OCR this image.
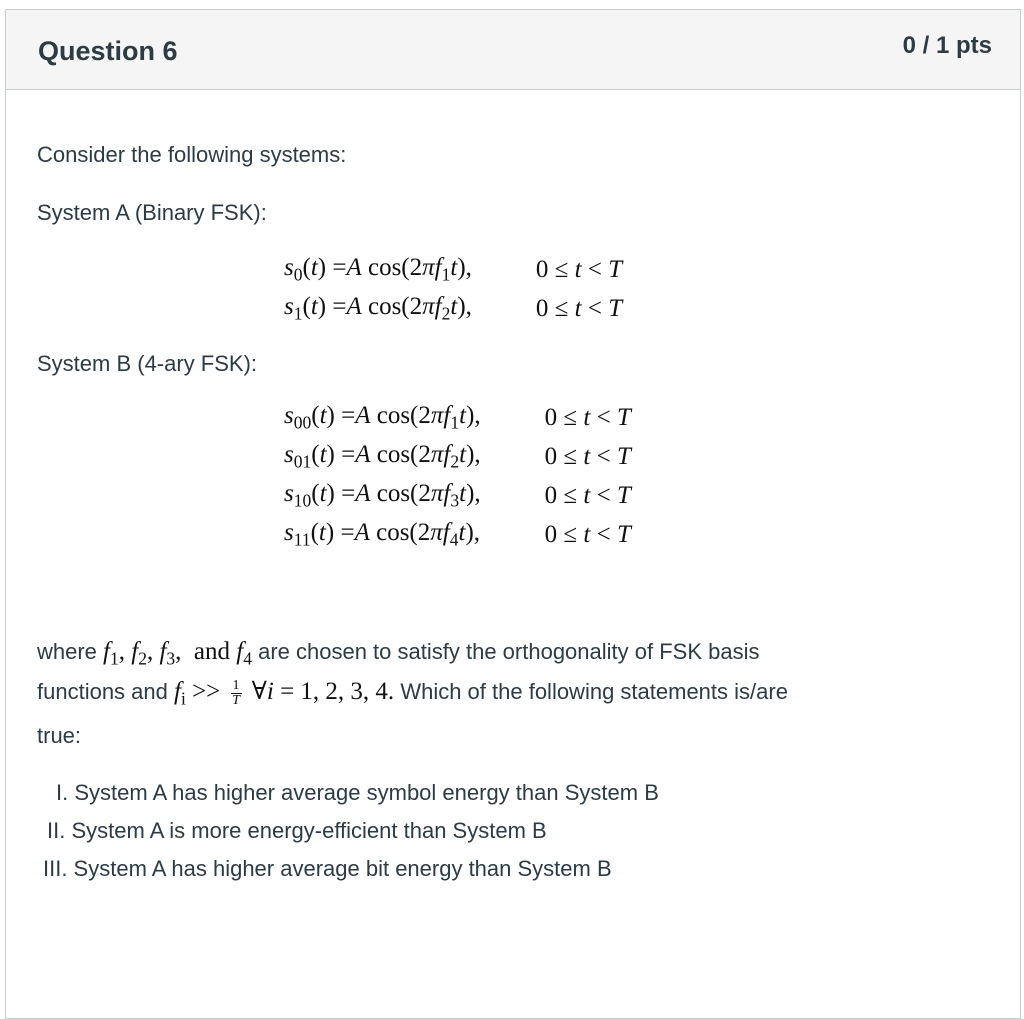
Question 6	0 / 1 pts
Consider the following systems:
System A (Binary FSK):
$s_0(t) =A$ $\cos(2\pi f_1t)$,	0 ≤ t < T
$s_1(t) =A$ $\cos(2\pi f_2t)$,	0 ≤ t < T
System B (4-ary FSK):
$s_{00}(t) =A$ $\cos(2\pi f_1t)$,	0 ≤ t < T
$s_{01}(t) =A$ $\cos(2\pi f_2t)$,	0 ≤ t < T
$s_{10}(t) =A$ $\cos(2\pi f_3t)$,	0 ≤ t < T
$s_{11}(t) =A$ $\cos(2\pi f_4t)$,	0 ≤ t < T
where $f_1$, $f_2$, $f_3$,  and $f_4$ are chosen to satisfy the orthogonality of FSK basis
functions and $f_i >> \frac{1}{T}$ ∀i = 1, 2, 3, 4. Which of the following statements is/are
true:
I. System A has higher average symbol energy than System B
II. System A is more energy-efficient than System B
III. System A has higher average bit energy than System B
